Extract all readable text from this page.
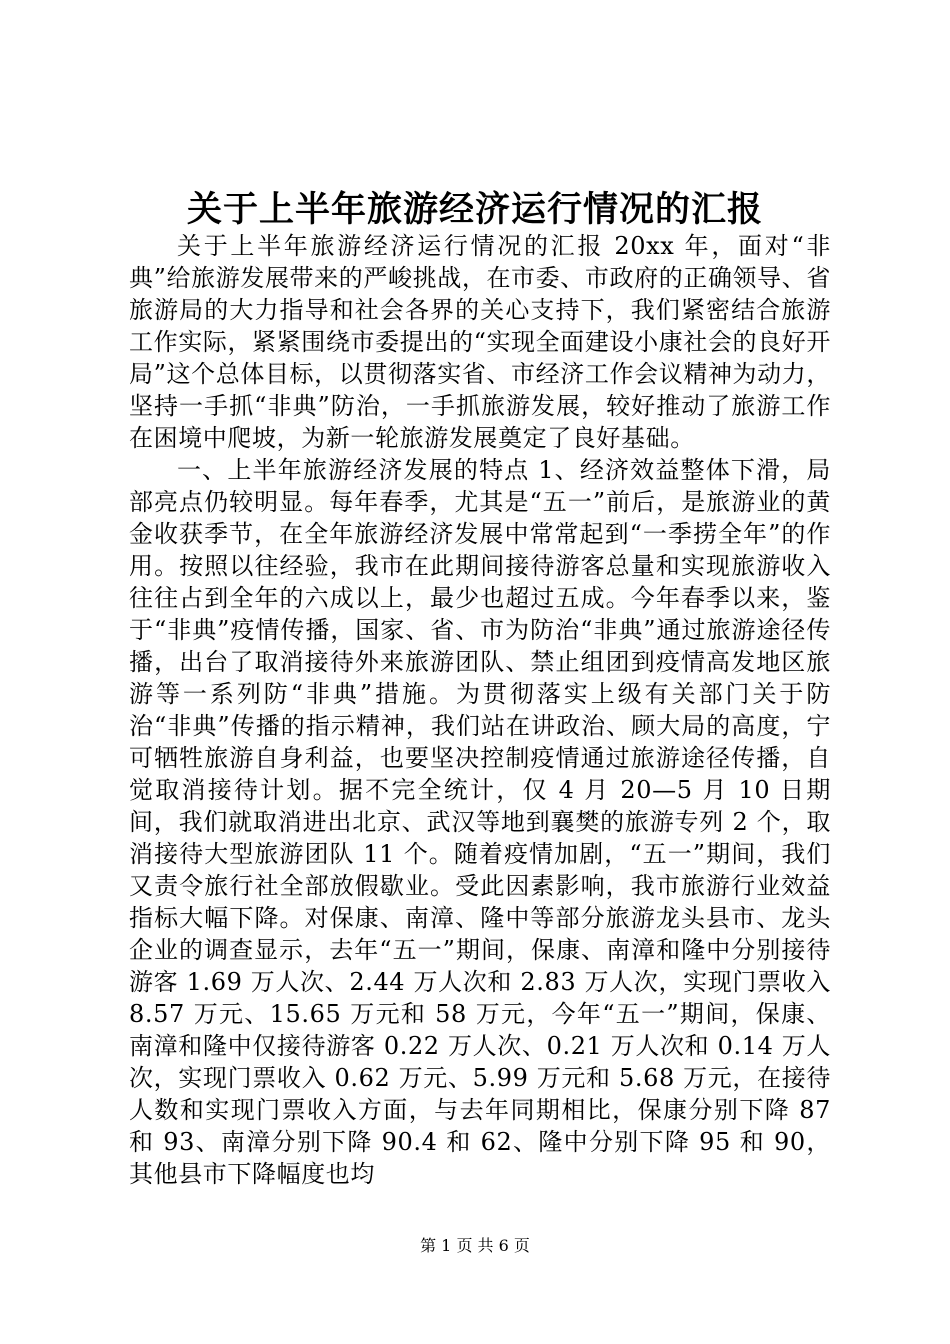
关于上半年旅游经济运行情况的汇报

关于上半年旅游经济运行情况的汇报 20xx 年，面对“非典”给旅游发展带来的严峻挑战，在市委、市政府的正确领导、省旅游局的大力指导和社会各界的关心支持下，我们紧密结合旅游工作实际，紧紧围绕市委提出的“实现全面建设小康社会的良好开局”这个总体目标，以贯彻落实省、市经济工作会议精神为动力，坚持一手抓“非典”防治，一手抓旅游发展，较好推动了旅游工作在困境中爬坡，为新一轮旅游发展奠定了良好基础。

一、上半年旅游经济发展的特点 1、经济效益整体下滑，局部亮点仍较明显。每年春季，尤其是“五一”前后，是旅游业的黄金收获季节，在全年旅游经济发展中常常起到“一季捞全年”的作用。按照以往经验，我市在此期间接待游客总量和实现旅游收入往往占到全年的六成以上，最少也超过五成。今年春季以来，鉴于“非典”疫情传播，国家、省、市为防治“非典”通过旅游途径传播，出台了取消接待外来旅游团队、禁止组团到疫情高发地区旅游等一系列防“非典”措施。为贯彻落实上级有关部门关于防治“非典”传播的指示精神，我们站在讲政治、顾大局的高度，宁可牺牲旅游自身利益，也要坚决控制疫情通过旅游途径传播，自觉取消接待计划。据不完全统计，仅 4 月 20—5 月 10 日期间，我们就取消进出北京、武汉等地到襄樊的旅游专列 2 个，取消接待大型旅游团队 11 个。随着疫情加剧，“五一”期间，我们又责令旅行社全部放假歇业。受此因素影响，我市旅游行业效益指标大幅下降。对保康、南漳、隆中等部分旅游龙头县市、龙头企业的调查显示，去年“五一”期间，保康、南漳和隆中分别接待游客 1.69 万人次、2.44 万人次和 2.83 万人次，实现门票收入 8.57 万元、15.65 万元和 58 万元，今年“五一”期间，保康、南漳和隆中仅接待游客 0.22 万人次、0.21 万人次和 0.14 万人次，实现门票收入 0.62 万元、5.99 万元和 5.68 万元，在接待人数和实现门票收入方面，与去年同期相比，保康分别下降 87 和 93、南漳分别下降 90.4 和 62、隆中分别下降 95 和 90，其他县市下降幅度也均

第 1 页 共 6 页
